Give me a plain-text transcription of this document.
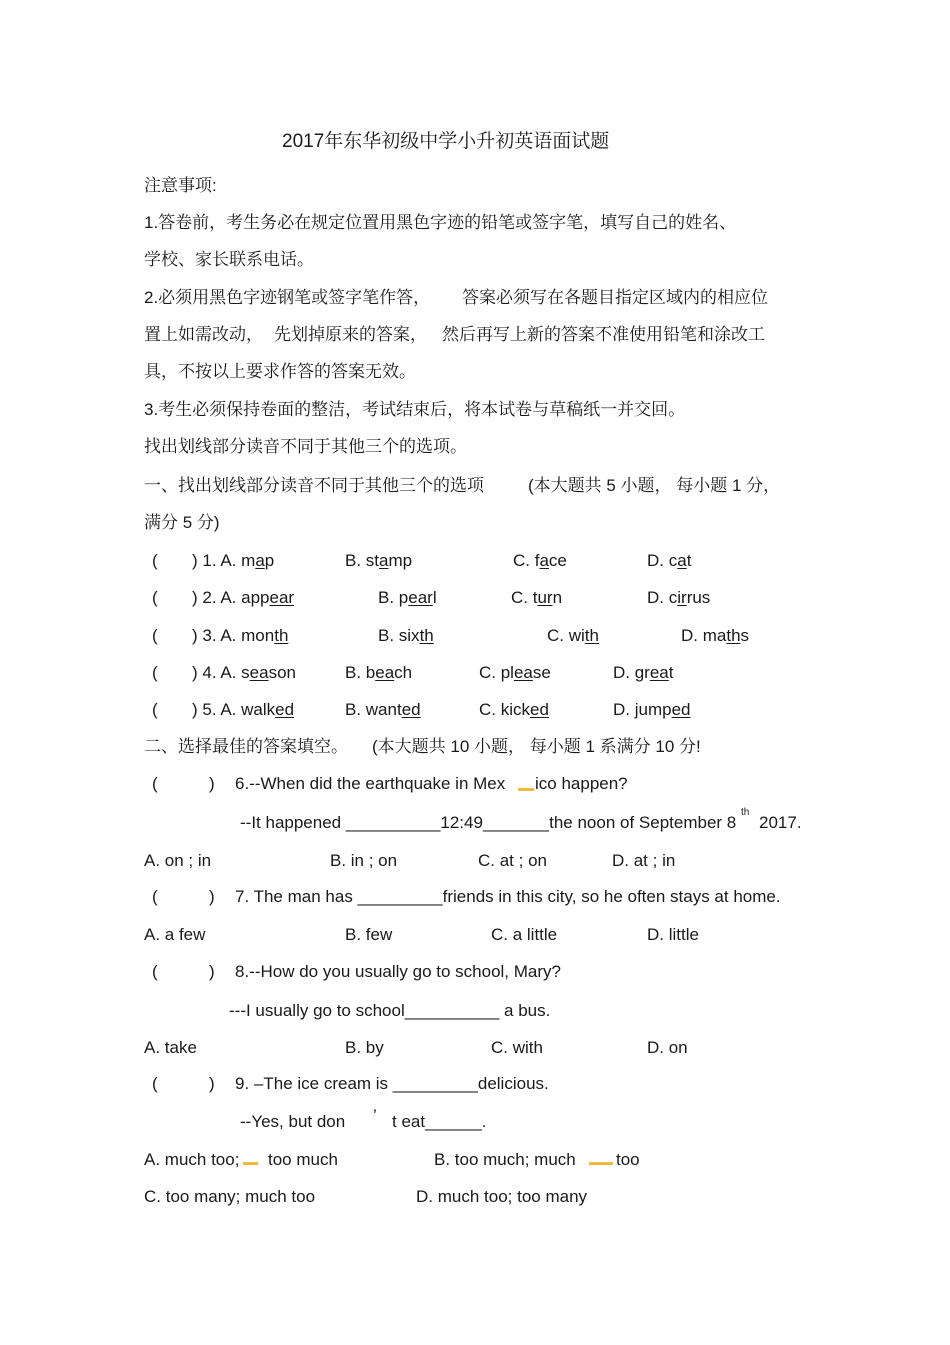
2017年东华初级中学小升初英语面试题
注意事项:
1.答卷前，考生务必在规定位置用黑色字迹的铅笔或签字笔，填写自己的姓名、
学校、家长联系电话。
2.必须用黑色字迹钢笔或签字笔作答， 答案必须写在各题目指定区域内的相应位
置上如需改动， 先划掉原来的答案， 然后再写上新的答案不准使用铅笔和涂改工
具，不按以上要求作答的答案无效。
3.考生必须保持卷面的整洁，考试结束后，将本试卷与草稿纸一并交回。
找出划线部分读音不同于其他三个的选项。
一、找出划线部分读音不同于其他三个的选项	(本大题共 5 小题， 每小题 1 分，
满分 5 分)
( ) 1. A. map	B. stamp	C. face	D. cat
( ) 2. A. appear	B. pearl	C. turn	D. cirrus
( ) 3. A. month	B. sixth	C. with	D. maths
( ) 4. A. season	B. beach	C. please	D. great
( ) 5. A. walked	B. wanted	C. kicked	D. jumped
二、选择最佳的答案填空。 (本大题共 10 小题， 每小题 1 系满分 10 分!
(	) 6.--When did the earthquake in Mex ico happen?
--It happened __________12:49_______the noon of September 8
th
2017.
A. on ; in	B. in ; on	C. at ; on	D. at ; in
(	) 7. The man has _________friends in this city, so he often stays at home.
A. a few	B. few	C. a little	D. little
(	) 8.--How do you usually go to school, Mary?
---I usually go to school__________ a bus.
A. take	B. by	C. with	D. on
(	) 9. –The ice cream is _________delicious.
--Yes, but don ’ t eat______.
A. much too; too much	B. too much; much too
C. too many; much too	D. much too; too many
